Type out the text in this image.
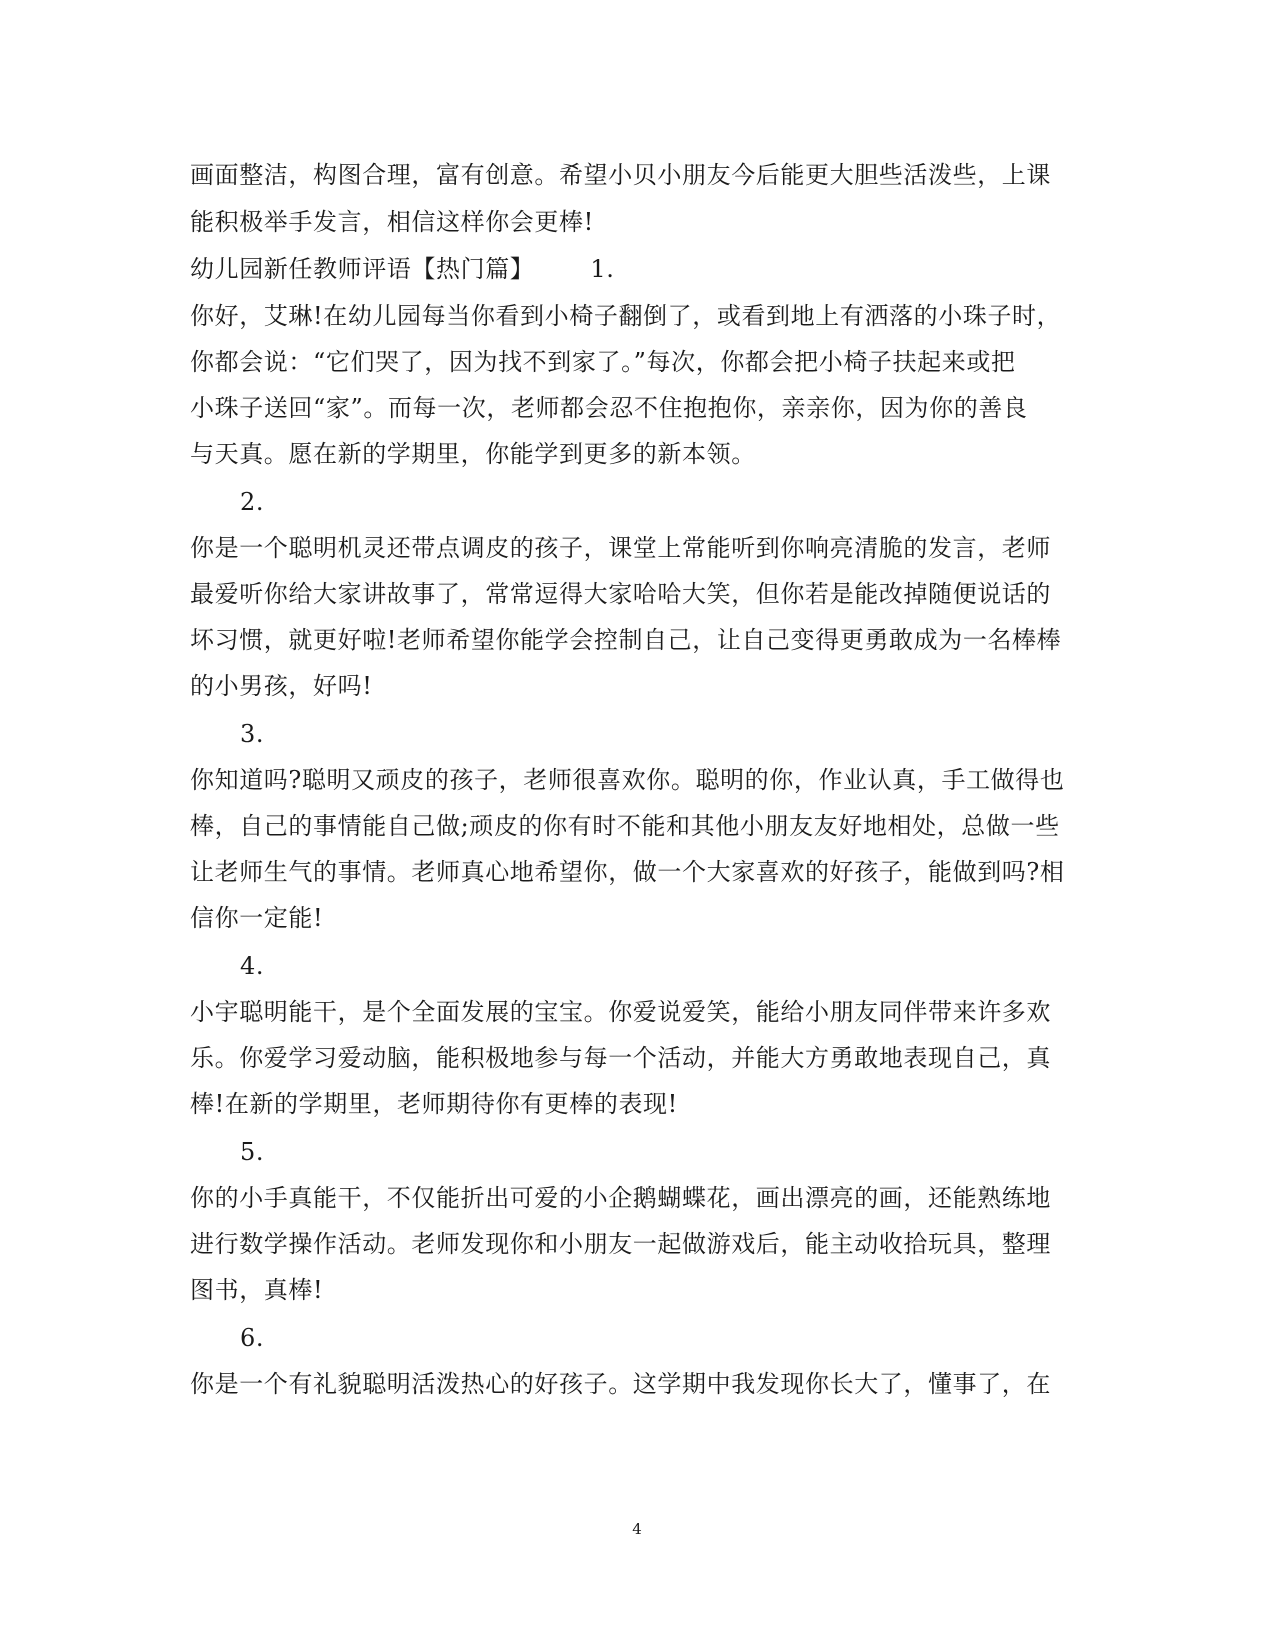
画面整洁，构图合理，富有创意。希望小贝小朋友今后能更大胆些活泼些，上课
能积极举手发言，相信这样你会更棒!
幼儿园新任教师评语【热门篇】 1.
你好，艾琳!在幼儿园每当你看到小椅子翻倒了，或看到地上有洒落的小珠子时，
你都会说：“它们哭了，因为找不到家了。”每次，你都会把小椅子扶起来或把
小珠子送回“家”。而每一次，老师都会忍不住抱抱你，亲亲你，因为你的善良
与天真。愿在新的学期里，你能学到更多的新本领。
2.
你是一个聪明机灵还带点调皮的孩子，课堂上常能听到你响亮清脆的发言，老师
最爱听你给大家讲故事了，常常逗得大家哈哈大笑，但你若是能改掉随便说话的
坏习惯，就更好啦!老师希望你能学会控制自己，让自己变得更勇敢成为一名棒棒
的小男孩，好吗!
3.
你知道吗?聪明又顽皮的孩子，老师很喜欢你。聪明的你，作业认真，手工做得也
棒，自己的事情能自己做;顽皮的你有时不能和其他小朋友友好地相处，总做一些
让老师生气的事情。老师真心地希望你，做一个大家喜欢的好孩子，能做到吗?相
信你一定能!
4.
小宇聪明能干，是个全面发展的宝宝。你爱说爱笑，能给小朋友同伴带来许多欢
乐。你爱学习爱动脑，能积极地参与每一个活动，并能大方勇敢地表现自己，真
棒!在新的学期里，老师期待你有更棒的表现!
5.
你的小手真能干，不仅能折出可爱的小企鹅蝴蝶花，画出漂亮的画，还能熟练地
进行数学操作活动。老师发现你和小朋友一起做游戏后，能主动收拾玩具，整理
图书，真棒!
6.
你是一个有礼貌聪明活泼热心的好孩子。这学期中我发现你长大了，懂事了，在
4
